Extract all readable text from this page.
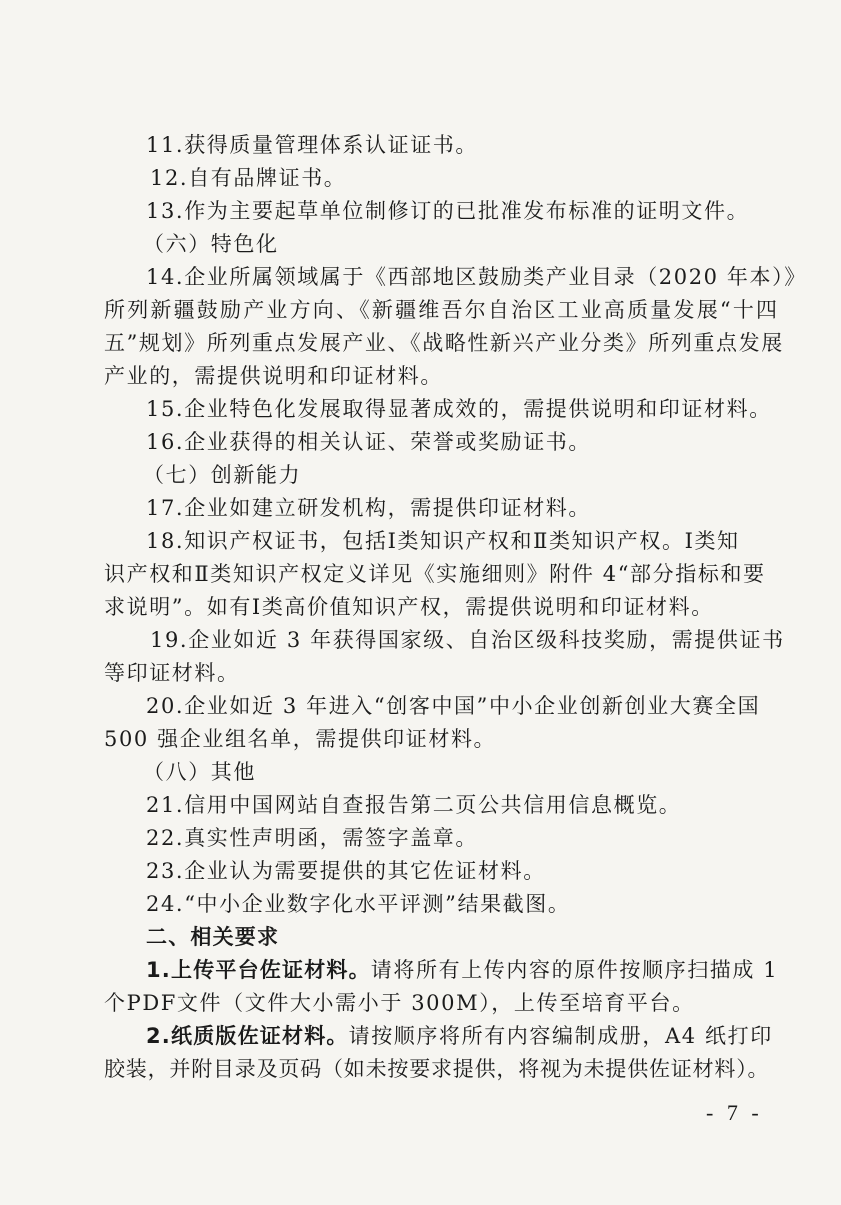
11.获得质量管理体系认证证书。
12.自有品牌证书。
13.作为主要起草单位制修订的已批准发布标准的证明文件。
（六）特色化
14.企业所属领域属于《西部地区鼓励类产业目录（2020 年本）》
所列新疆鼓励产业方向、《新疆维吾尔自治区工业高质量发展“十四
五”规划》所列重点发展产业、《战略性新兴产业分类》所列重点发展
产业的，需提供说明和印证材料。
15.企业特色化发展取得显著成效的，需提供说明和印证材料。
16.企业获得的相关认证、荣誉或奖励证书。
（七）创新能力
17.企业如建立研发机构，需提供印证材料。
18.知识产权证书，包括Ⅰ类知识产权和Ⅱ类知识产权。Ⅰ类知
识产权和Ⅱ类知识产权定义详见《实施细则》附件 4“部分指标和要
求说明”。如有Ⅰ类高价值知识产权，需提供说明和印证材料。
19.企业如近 3 年获得国家级、自治区级科技奖励，需提供证书
等印证材料。
20.企业如近 3 年进入“创客中国”中小企业创新创业大赛全国
500 强企业组名单，需提供印证材料。
（八）其他
21.信用中国网站自查报告第二页公共信用信息概览。
22.真实性声明函，需签字盖章。
23.企业认为需要提供的其它佐证材料。
24.“中小企业数字化水平评测”结果截图。
二、相关要求
1.上传平台佐证材料。请将所有上传内容的原件按顺序扫描成 1
个PDF文件（文件大小需小于 300M），上传至培育平台。
2.纸质版佐证材料。请按顺序将所有内容编制成册，A4 纸打印
胶装，并附目录及页码（如未按要求提供，将视为未提供佐证材料）。
- 7 -
